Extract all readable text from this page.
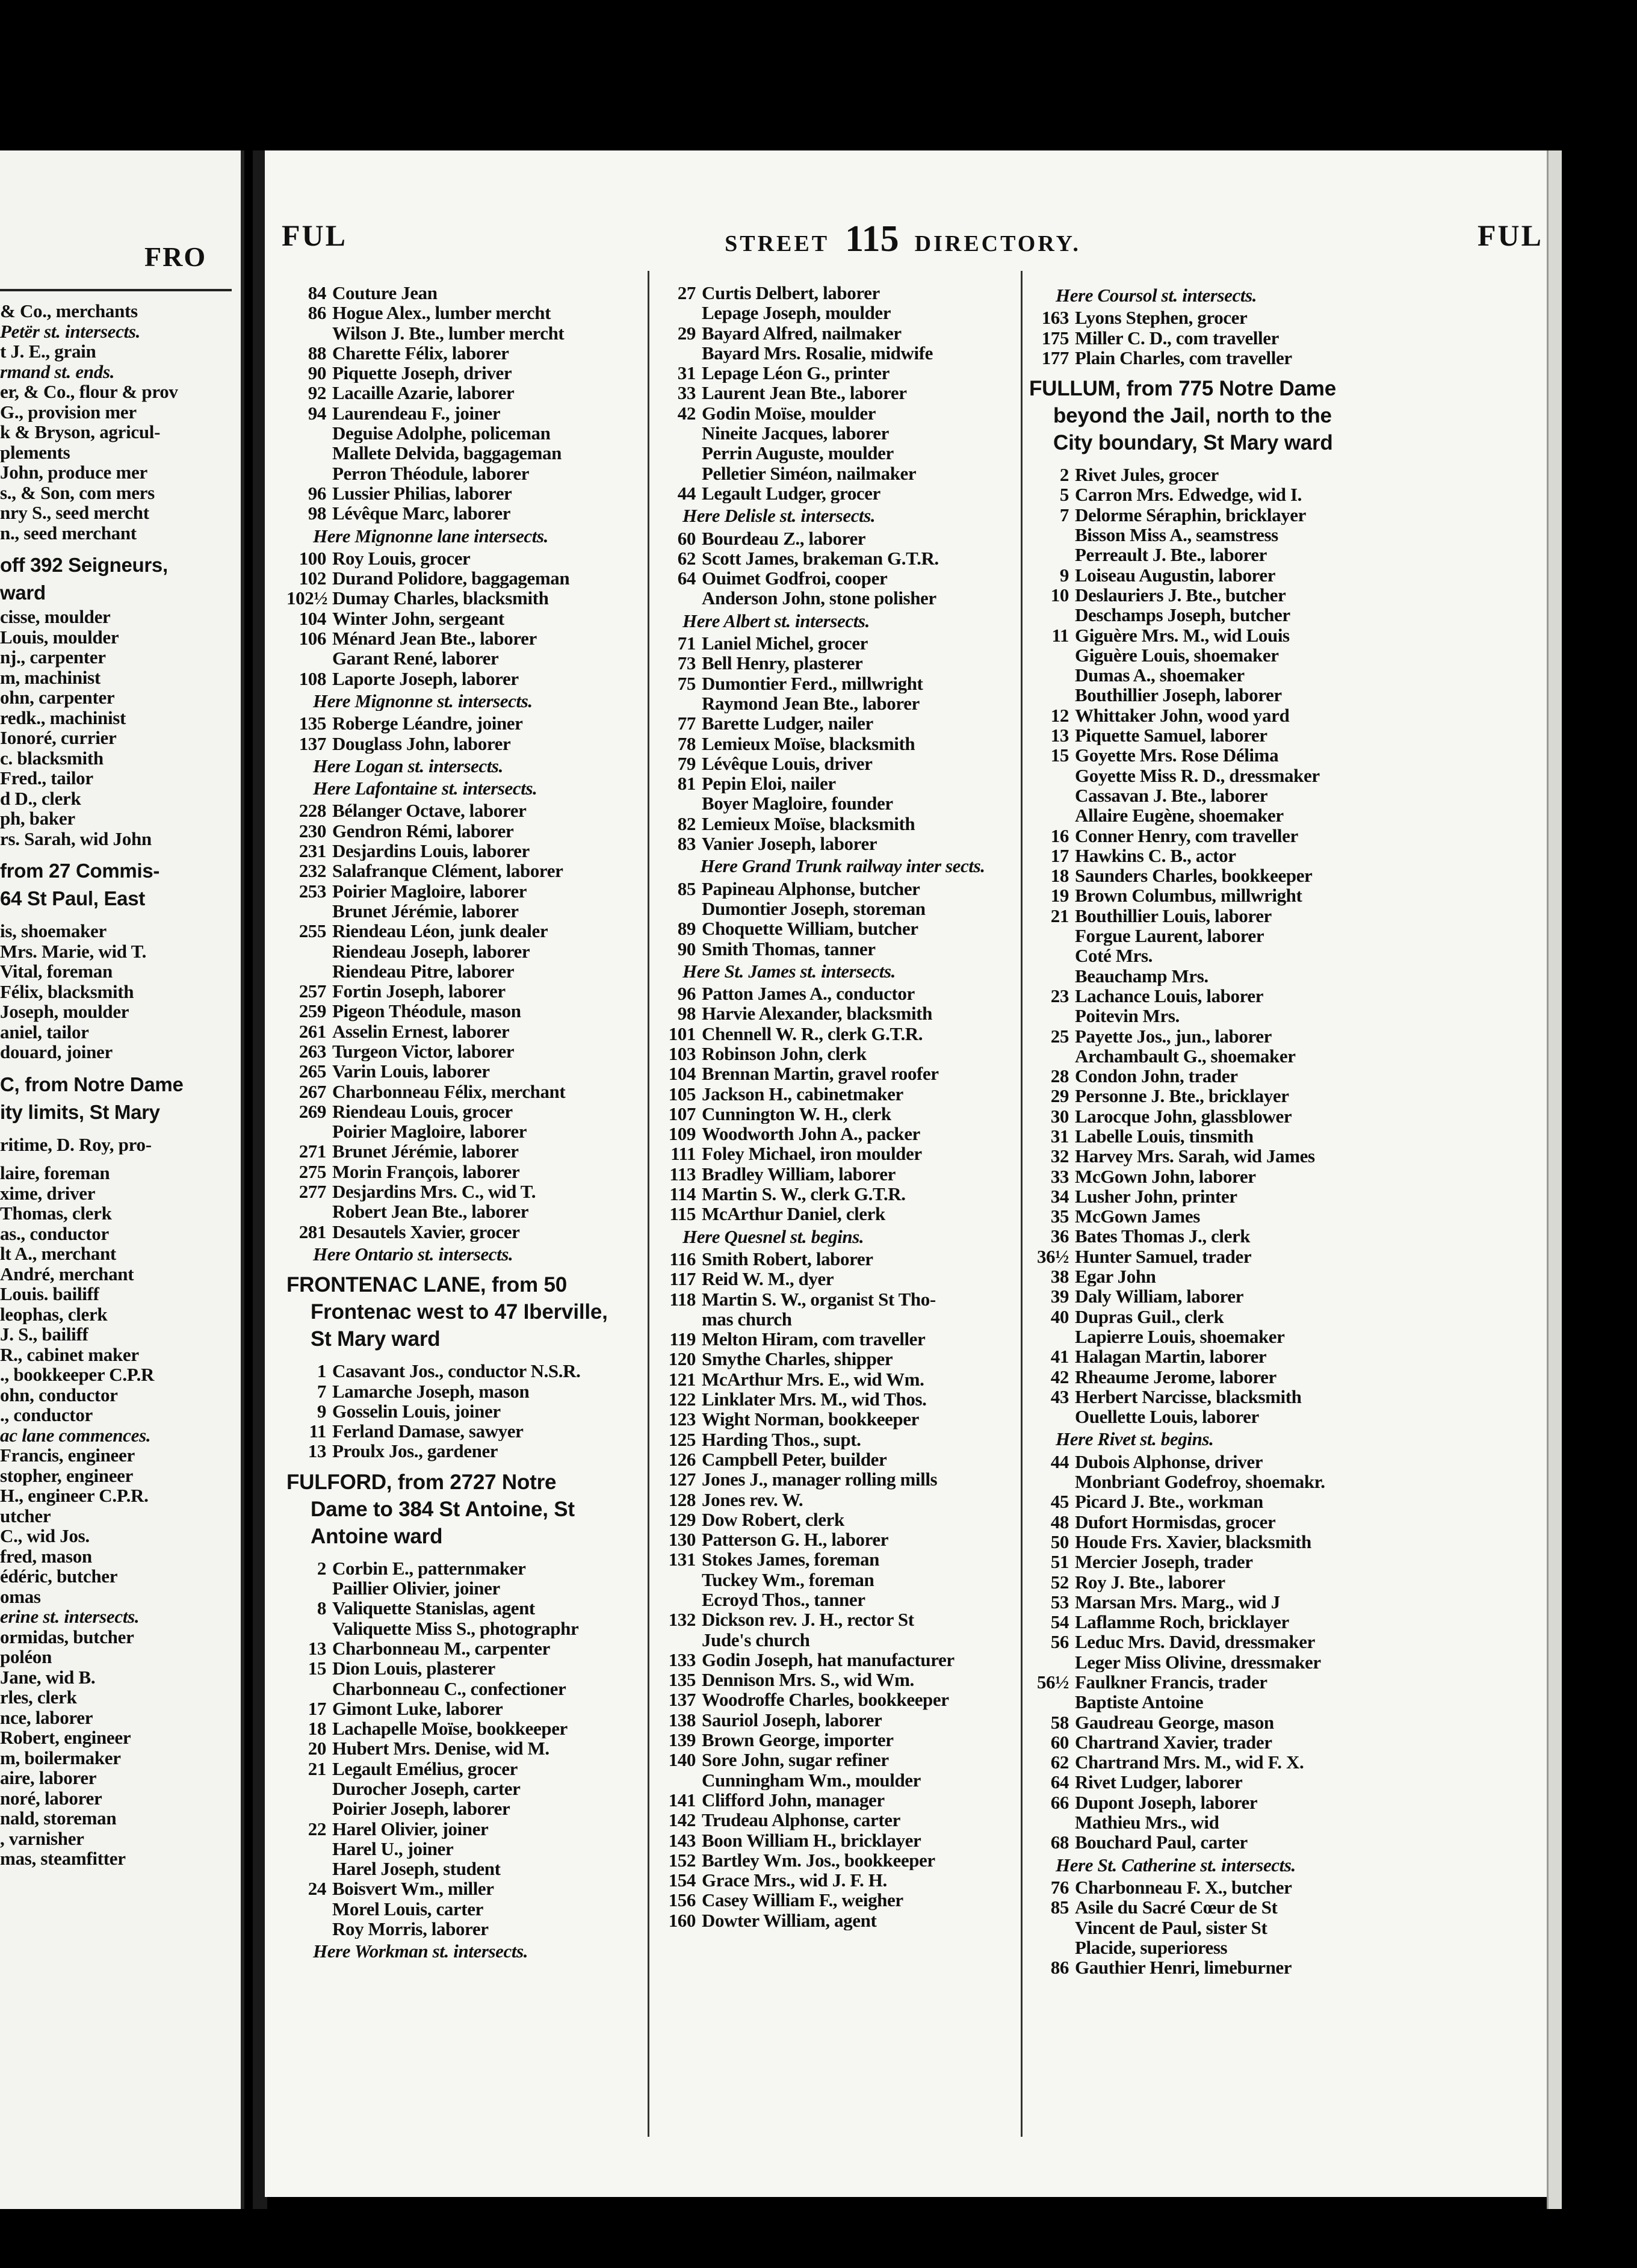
FRO
& Co., merchants
Petër st. intersects.
t J. E., grain
rmand st. ends.
er, & Co., flour & prov
G., provision mer
k & Bryson, agricul-
plements
John, produce mer
s., & Son, com mers
nry S., seed mercht
n., seed merchant
off 392 Seigneurs,
ward
cisse, moulder
Louis, moulder
nj., carpenter
m, machinist
ohn, carpenter
redk., machinist
Ionoré, currier
c. blacksmith
Fred., tailor
d D., clerk
ph, baker
rs. Sarah, wid John
from 27 Commis-
64 St Paul, East
is, shoemaker
Mrs. Marie, wid T.
Vital, foreman
Félix, blacksmith
Joseph, moulder
aniel, tailor
douard, joiner
C, from Notre Dame
ity limits, St Mary
ritime, D. Roy, pro-
laire, foreman
xime, driver
Thomas, clerk
as., conductor
lt A., merchant
André, merchant
Louis. bailiff
leophas, clerk
J. S., bailiff
R., cabinet maker
., bookkeeper C.P.R
ohn, conductor
., conductor
ac lane commences.
Francis, engineer
stopher, engineer
H., engineer C.P.R.
utcher
C., wid Jos.
fred, mason
édéric, butcher
omas
erine st. intersects.
ormidas, butcher
poléon
Jane, wid B.
rles, clerk
nce, laborer
Robert, engineer
m, boilermaker
aire, laborer
noré, laborer
nald, storeman
, varnisher
mas, steamfitter
FUL	STREET 115 DIRECTORY.	FUL
84 Couture Jean
86 Hogue Alex., lumber mercht
Wilson J. Bte., lumber mercht
88 Charette Félix, laborer
90 Piquette Joseph, driver
92 Lacaille Azarie, laborer
94 Laurendeau F., joiner
Deguise Adolphe, policeman
Mallete Delvida, baggageman
Perron Théodule, laborer
96 Lussier Philias, laborer
98 Lévêque Marc, laborer
Here Mignonne lane intersects.
100 Roy Louis, grocer
102 Durand Polidore, baggageman
102½ Dumay Charles, blacksmith
104 Winter John, sergeant
106 Ménard Jean Bte., laborer
Garant René, laborer
108 Laporte Joseph, laborer
Here Mignonne st. intersects.
135 Roberge Léandre, joiner
137 Douglass John, laborer
Here Logan st. intersects.
Here Lafontaine st. intersects.
228 Bélanger Octave, laborer
230 Gendron Rémi, laborer
231 Desjardins Louis, laborer
232 Salafranque Clément, laborer
253 Poirier Magloire, laborer
Brunet Jérémie, laborer
255 Riendeau Léon, junk dealer
Riendeau Joseph, laborer
Riendeau Pitre, laborer
257 Fortin Joseph, laborer
259 Pigeon Théodule, mason
261 Asselin Ernest, laborer
263 Turgeon Victor, laborer
265 Varin Louis, laborer
267 Charbonneau Félix, merchant
269 Riendeau Louis, grocer
Poirier Magloire, laborer
271 Brunet Jérémie, laborer
275 Morin François, laborer
277 Desjardins Mrs. C., wid T.
Robert Jean Bte., laborer
281 Desautels Xavier, grocer
Here Ontario st. intersects.
FRONTENAC LANE, from 50
Frontenac west to 47 Iberville,
St Mary ward
1 Casavant Jos., conductor N.S.R.
7 Lamarche Joseph, mason
9 Gosselin Louis, joiner
11 Ferland Damase, sawyer
13 Proulx Jos., gardener
FULFORD, from 2727 Notre
Dame to 384 St Antoine, St
Antoine ward
2 Corbin E., patternmaker
Paillier Olivier, joiner
8 Valiquette Stanislas, agent
Valiquette Miss S., photographr
13 Charbonneau M., carpenter
15 Dion Louis, plasterer
Charbonneau C., confectioner
17 Gimont Luke, laborer
18 Lachapelle Moïse, bookkeeper
20 Hubert Mrs. Denise, wid M.
21 Legault Emélius, grocer
Durocher Joseph, carter
Poirier Joseph, laborer
22 Harel Olivier, joiner
Harel U., joiner
Harel Joseph, student
24 Boisvert Wm., miller
Morel Louis, carter
Roy Morris, laborer
Here Workman st. intersects.
27 Curtis Delbert, laborer
Lepage Joseph, moulder
29 Bayard Alfred, nailmaker
Bayard Mrs. Rosalie, midwife
31 Lepage Léon G., printer
33 Laurent Jean Bte., laborer
42 Godin Moïse, moulder
Nineite Jacques, laborer
Perrin Auguste, moulder
Pelletier Siméon, nailmaker
44 Legault Ludger, grocer
Here Delisle st. intersects.
60 Bourdeau Z., laborer
62 Scott James, brakeman G.T.R.
64 Ouimet Godfroi, cooper
Anderson John, stone polisher
Here Albert st. intersects.
71 Laniel Michel, grocer
73 Bell Henry, plasterer
75 Dumontier Ferd., millwright
Raymond Jean Bte., laborer
77 Barette Ludger, nailer
78 Lemieux Moïse, blacksmith
79 Lévêque Louis, driver
81 Pepin Eloi, nailer
Boyer Magloire, founder
82 Lemieux Moïse, blacksmith
83 Vanier Joseph, laborer
Here Grand Trunk railway inter sects.
85 Papineau Alphonse, butcher
Dumontier Joseph, storeman
89 Choquette William, butcher
90 Smith Thomas, tanner
Here St. James st. intersects.
96 Patton James A., conductor
98 Harvie Alexander, blacksmith
101 Chennell W. R., clerk G.T.R.
103 Robinson John, clerk
104 Brennan Martin, gravel roofer
105 Jackson H., cabinetmaker
107 Cunnington W. H., clerk
109 Woodworth John A., packer
111 Foley Michael, iron moulder
113 Bradley William, laborer
114 Martin S. W., clerk G.T.R.
115 McArthur Daniel, clerk
Here Quesnel st. begins.
116 Smith Robert, laborer
117 Reid W. M., dyer
118 Martin S. W., organist St Tho-
mas church
119 Melton Hiram, com traveller
120 Smythe Charles, shipper
121 McArthur Mrs. E., wid Wm.
122 Linklater Mrs. M., wid Thos.
123 Wight Norman, bookkeeper
125 Harding Thos., supt.
126 Campbell Peter, builder
127 Jones J., manager rolling mills
128 Jones rev. W.
129 Dow Robert, clerk
130 Patterson G. H., laborer
131 Stokes James, foreman
Tuckey Wm., foreman
Ecroyd Thos., tanner
132 Dickson rev. J. H., rector St
Jude's church
133 Godin Joseph, hat manufacturer
135 Dennison Mrs. S., wid Wm.
137 Woodroffe Charles, bookkeeper
138 Sauriol Joseph, laborer
139 Brown George, importer
140 Sore John, sugar refiner
Cunningham Wm., moulder
141 Clifford John, manager
142 Trudeau Alphonse, carter
143 Boon William H., bricklayer
152 Bartley Wm. Jos., bookkeeper
154 Grace Mrs., wid J. F. H.
156 Casey William F., weigher
160 Dowter William, agent
Here Coursol st. intersects.
163 Lyons Stephen, grocer
175 Miller C. D., com traveller
177 Plain Charles, com traveller
FULLUM, from 775 Notre Dame
beyond the Jail, north to the
City boundary, St Mary ward
2 Rivet Jules, grocer
5 Carron Mrs. Edwedge, wid I.
7 Delorme Séraphin, bricklayer
Bisson Miss A., seamstress
Perreault J. Bte., laborer
9 Loiseau Augustin, laborer
10 Deslauriers J. Bte., butcher
Deschamps Joseph, butcher
11 Giguère Mrs. M., wid Louis
Giguère Louis, shoemaker
Dumas A., shoemaker
Bouthillier Joseph, laborer
12 Whittaker John, wood yard
13 Piquette Samuel, laborer
15 Goyette Mrs. Rose Délima
Goyette Miss R. D., dressmaker
Cassavan J. Bte., laborer
Allaire Eugène, shoemaker
16 Conner Henry, com traveller
17 Hawkins C. B., actor
18 Saunders Charles, bookkeeper
19 Brown Columbus, millwright
21 Bouthillier Louis, laborer
Forgue Laurent, laborer
Coté Mrs.
Beauchamp Mrs.
23 Lachance Louis, laborer
Poitevin Mrs.
25 Payette Jos., jun., laborer
Archambault G., shoemaker
28 Condon John, trader
29 Personne J. Bte., bricklayer
30 Larocque John, glassblower
31 Labelle Louis, tinsmith
32 Harvey Mrs. Sarah, wid James
33 McGown John, laborer
34 Lusher John, printer
35 McGown James
36 Bates Thomas J., clerk
36½ Hunter Samuel, trader
38 Egar John
39 Daly William, laborer
40 Dupras Guil., clerk
Lapierre Louis, shoemaker
41 Halagan Martin, laborer
42 Rheaume Jerome, laborer
43 Herbert Narcisse, blacksmith
Ouellette Louis, laborer
Here Rivet st. begins.
44 Dubois Alphonse, driver
Monbriant Godefroy, shoemakr.
45 Picard J. Bte., workman
48 Dufort Hormisdas, grocer
50 Houde Frs. Xavier, blacksmith
51 Mercier Joseph, trader
52 Roy J. Bte., laborer
53 Marsan Mrs. Marg., wid J
54 Laflamme Roch, bricklayer
56 Leduc Mrs. David, dressmaker
Leger Miss Olivine, dressmaker
56½ Faulkner Francis, trader
Baptiste Antoine
58 Gaudreau George, mason
60 Chartrand Xavier, trader
62 Chartrand Mrs. M., wid F. X.
64 Rivet Ludger, laborer
66 Dupont Joseph, laborer
Mathieu Mrs., wid
68 Bouchard Paul, carter
Here St. Catherine st. intersects.
76 Charbonneau F. X., butcher
85 Asile du Sacré Cœur de St
Vincent de Paul, sister St
Placide, superioress
86 Gauthier Henri, limeburner
